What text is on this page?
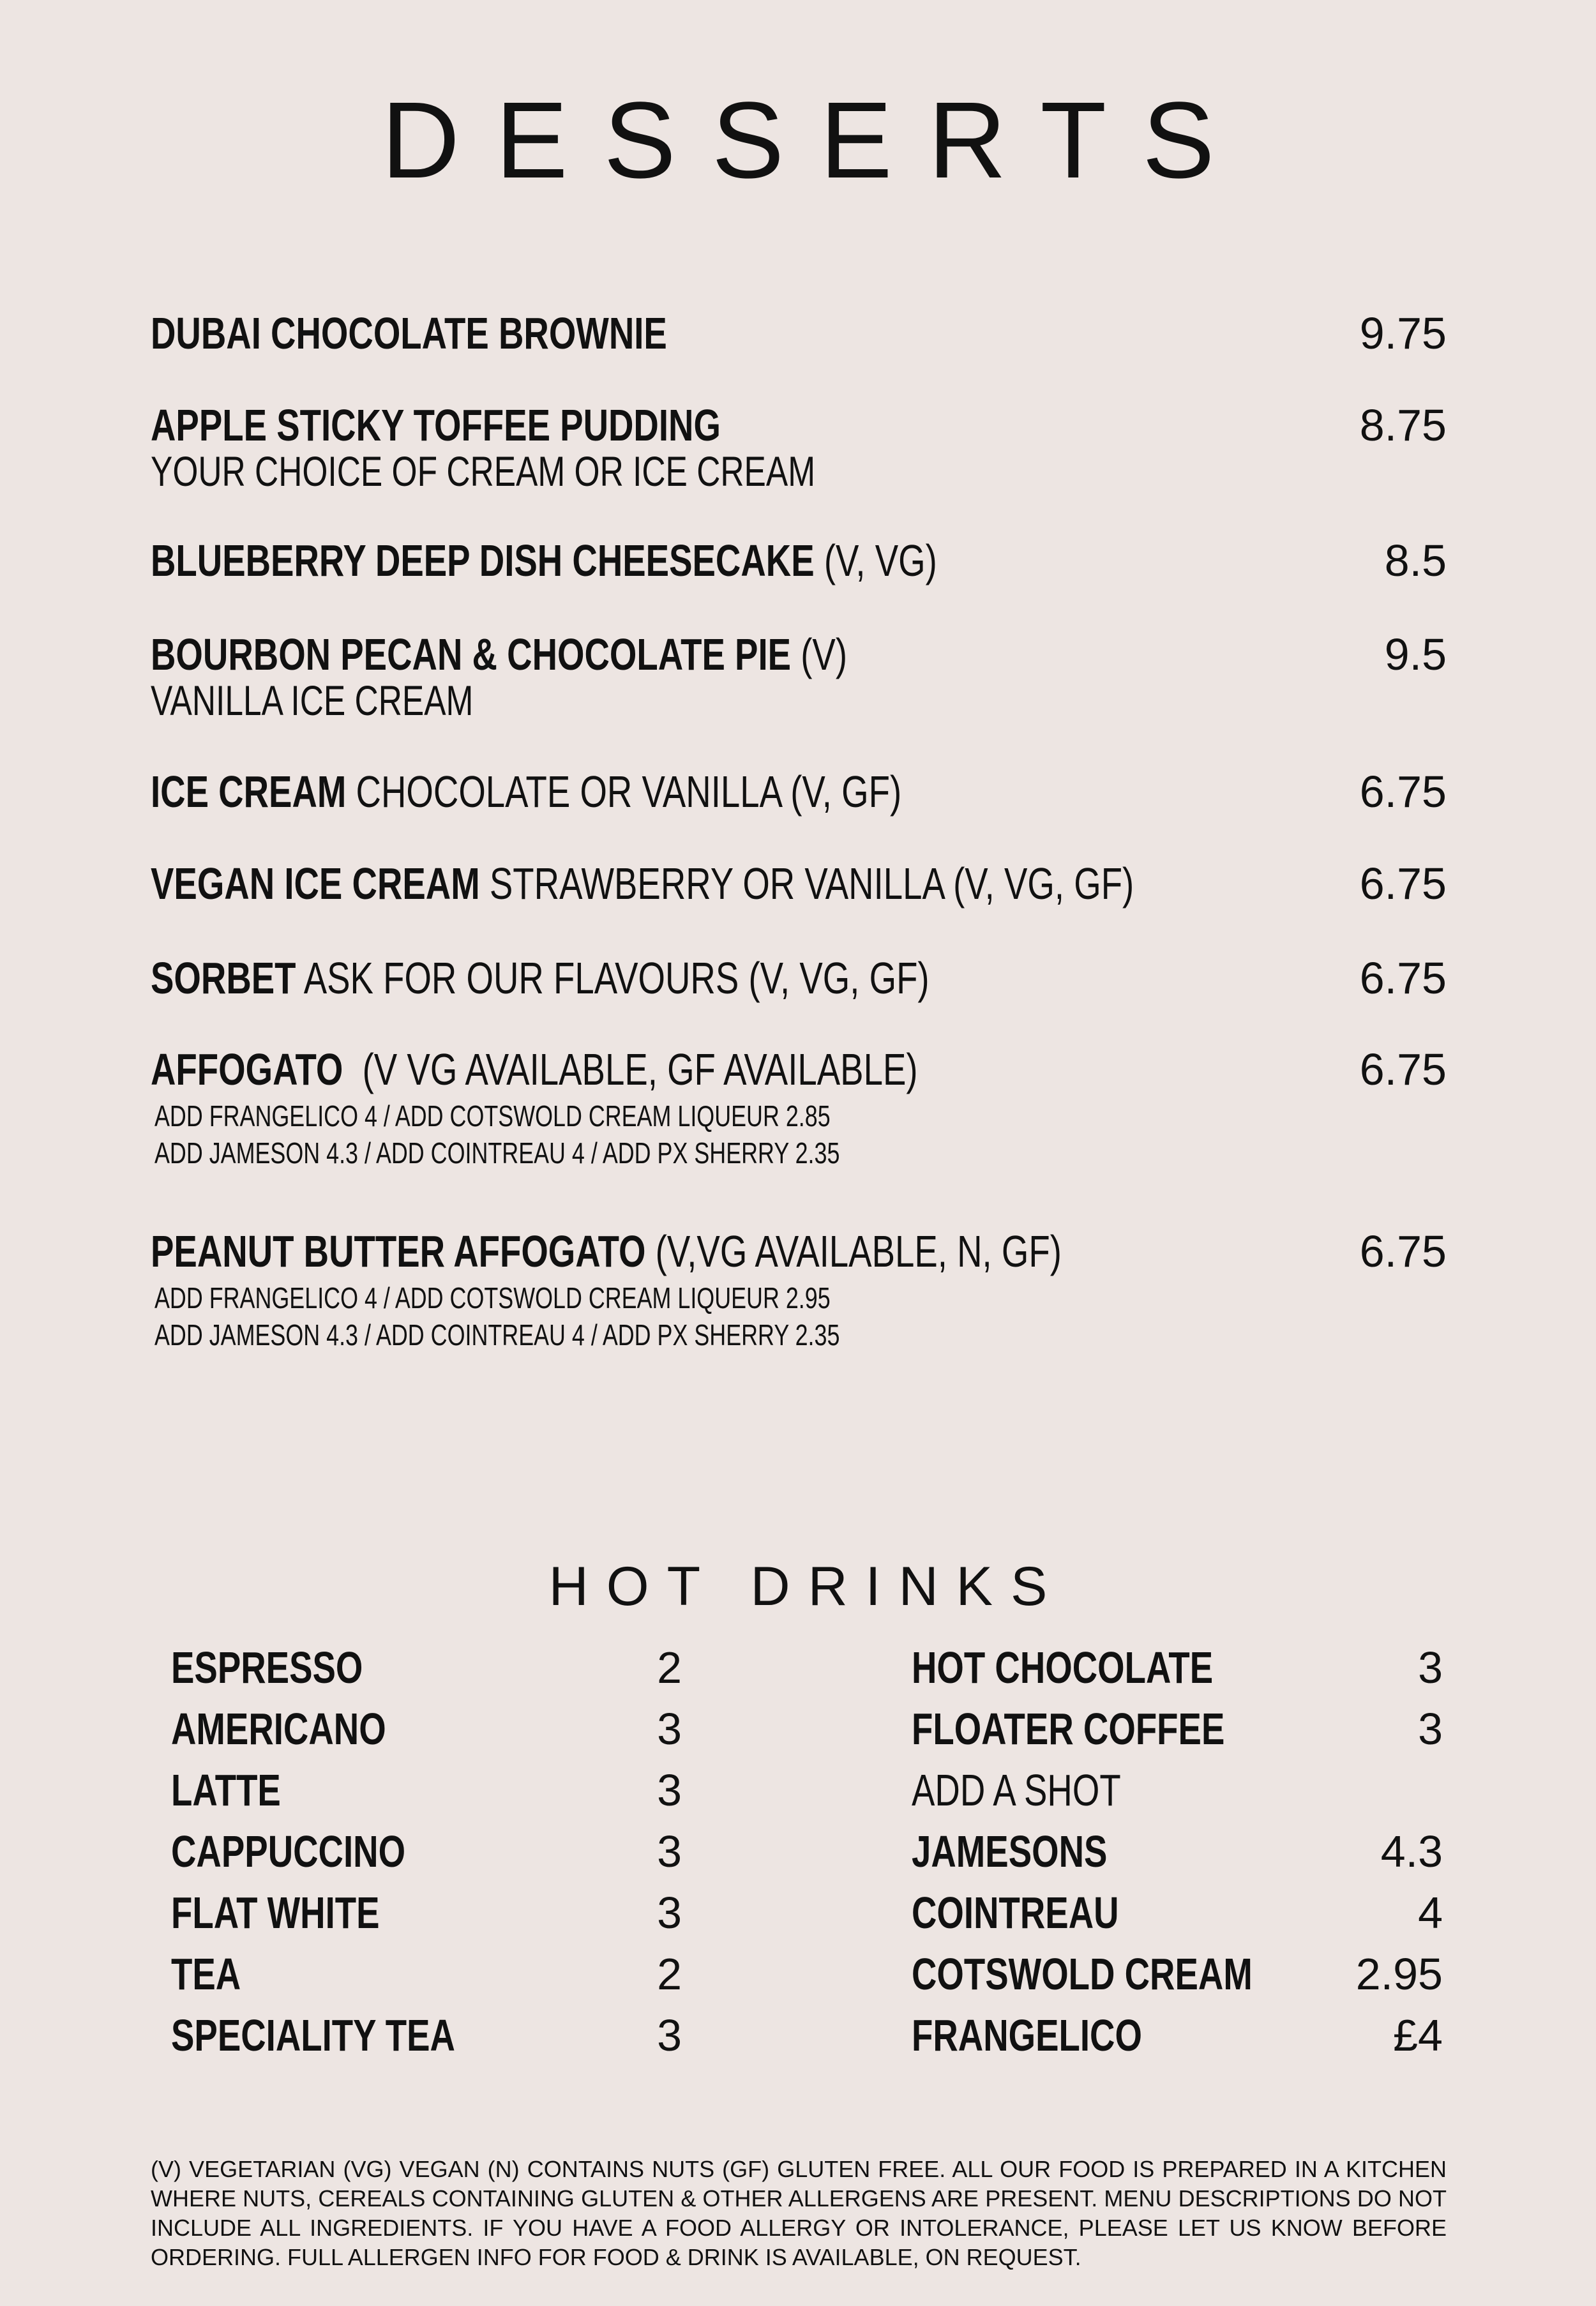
DESSERTS
DUBAI CHOCOLATE BROWNIE	9.75
APPLE STICKY TOFFEE PUDDING	8.75
YOUR CHOICE OF CREAM OR ICE CREAM
BLUEBERRY DEEP DISH CHEESECAKE (V, VG)	8.5
BOURBON PECAN & CHOCOLATE PIE (V)	9.5
VANILLA ICE CREAM
ICE CREAM CHOCOLATE OR VANILLA (V, GF)	6.75
VEGAN ICE CREAM STRAWBERRY OR VANILLA (V, VG, GF)	6.75
SORBET ASK FOR OUR FLAVOURS (V, VG, GF)	6.75
AFFOGATO  (V VG AVAILABLE, GF AVAILABLE)	6.75
ADD FRANGELICO 4 / ADD COTSWOLD CREAM LIQUEUR 2.85
ADD JAMESON 4.3 / ADD COINTREAU 4 / ADD PX SHERRY 2.35
PEANUT BUTTER AFFOGATO (V,VG AVAILABLE, N, GF)	6.75
ADD FRANGELICO 4 / ADD COTSWOLD CREAM LIQUEUR 2.95
ADD JAMESON 4.3 / ADD COINTREAU 4 / ADD PX SHERRY 2.35
HOT DRINKS
ESPRESSO	2
AMERICANO	3
LATTE	3
CAPPUCCINO	3
FLAT WHITE	3
TEA	2
SPECIALITY TEA	3
HOT CHOCOLATE	3
FLOATER COFFEE	3
ADD A SHOT
JAMESONS	4.3
COINTREAU	4
COTSWOLD CREAM 2.95
FRANGELICO	£4
(V) VEGETARIAN (VG) VEGAN (N) CONTAINS NUTS (GF) GLUTEN FREE. ALL OUR FOOD IS PREPARED IN A KITCHEN WHERE NUTS, CEREALS CONTAINING GLUTEN & OTHER ALLERGENS ARE PRESENT. MENU DESCRIPTIONS DO NOT INCLUDE ALL INGREDIENTS. IF YOU HAVE A FOOD ALLERGY OR INTOLERANCE, PLEASE LET US KNOW BEFORE ORDERING. FULL ALLERGEN INFO FOR FOOD & DRINK IS AVAILABLE, ON REQUEST.
